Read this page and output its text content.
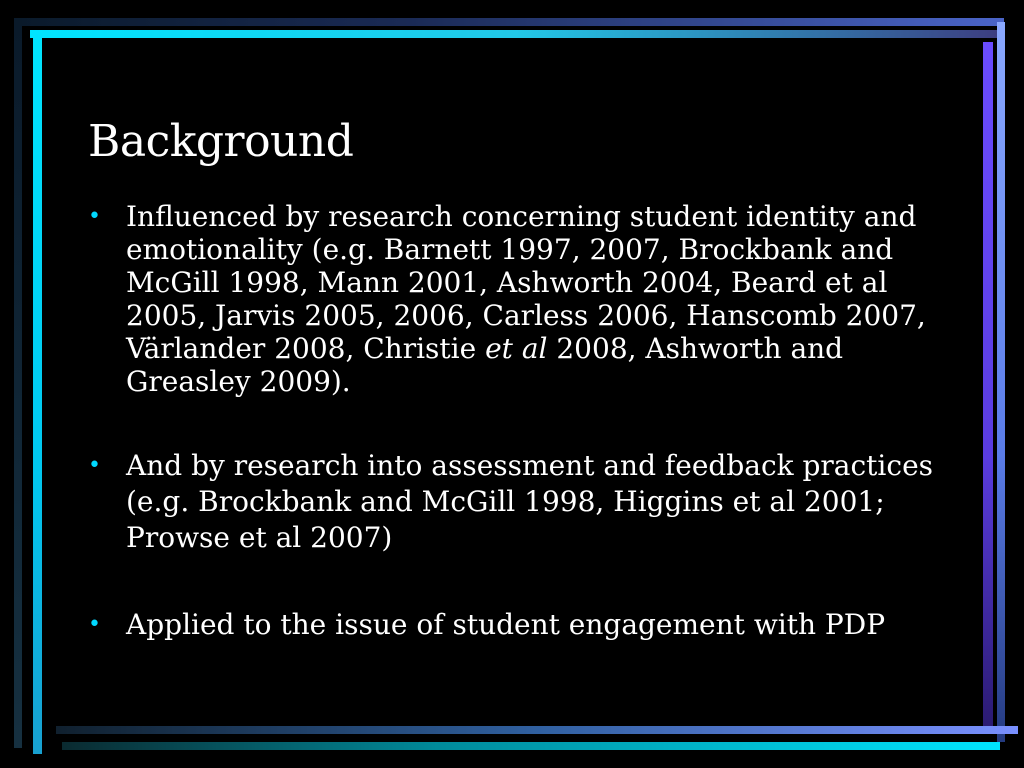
Background

• Influenced by research concerning student identity and emotionality (e.g. Barnett 1997, 2007, Brockbank and McGill 1998, Mann 2001, Ashworth 2004, Beard et al 2005, Jarvis 2005, 2006, Carless 2006, Hanscomb 2007, Värlander 2008, Christie et al 2008, Ashworth and Greasley 2009).

• And by research into assessment and feedback practices (e.g. Brockbank and McGill 1998, Higgins et al 2001; Prowse et al 2007)

• Applied to the issue of student engagement with PDP
